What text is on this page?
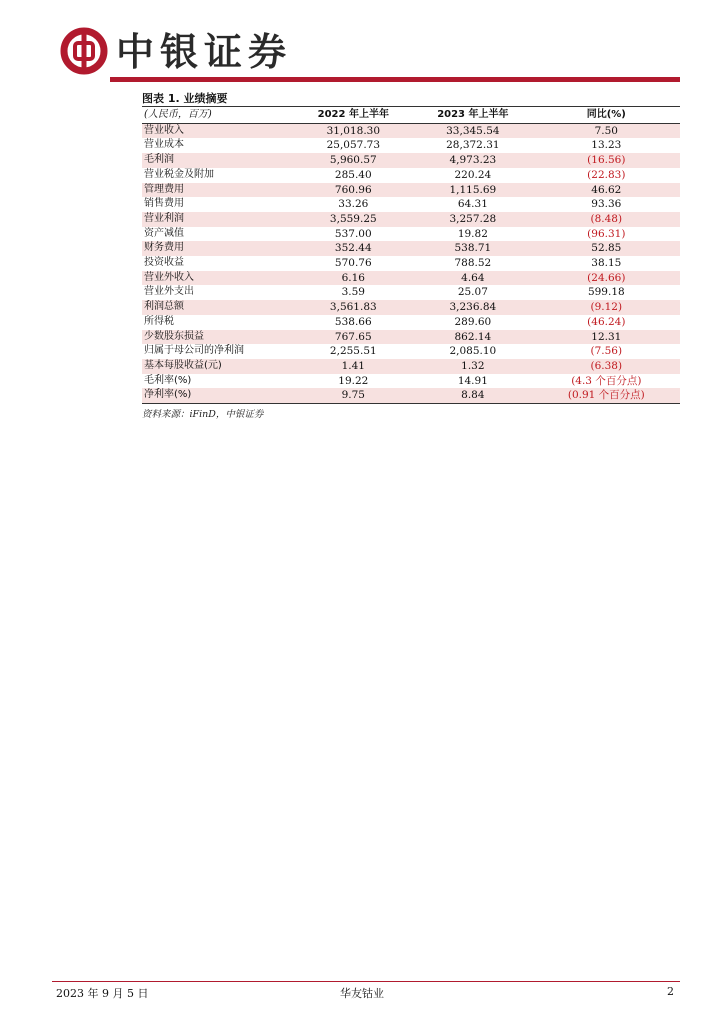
中银证券
图表 1. 业绩摘要
(人民币，百万)	2022 年上半年	2023 年上半年	同比(%)
营业收入	31,018.30	33,345.54	7.50
营业成本	25,057.73	28,372.31	13.23
毛利润	5,960.57	4,973.23	(16.56)
营业税金及附加	285.40	220.24	(22.83)
管理费用	760.96	1,115.69	46.62
销售费用	33.26	64.31	93.36
营业利润	3,559.25	3,257.28	(8.48)
资产减值	537.00	19.82	(96.31)
财务费用	352.44	538.71	52.85
投资收益	570.76	788.52	38.15
营业外收入	6.16	4.64	(24.66)
营业外支出	3.59	25.07	599.18
利润总额	3,561.83	3,236.84	(9.12)
所得税	538.66	289.60	(46.24)
少数股东损益	767.65	862.14	12.31
归属于母公司的净利润	2,255.51	2,085.10	(7.56)
基本每股收益(元)	1.41	1.32	(6.38)
毛利率(%)	19.22	14.91	(4.3 个百分点)
净利率(%)	9.75	8.84	(0.91 个百分点)
资料来源：iFinD，中银证券
2023 年 9 月 5 日	华友钴业	2
